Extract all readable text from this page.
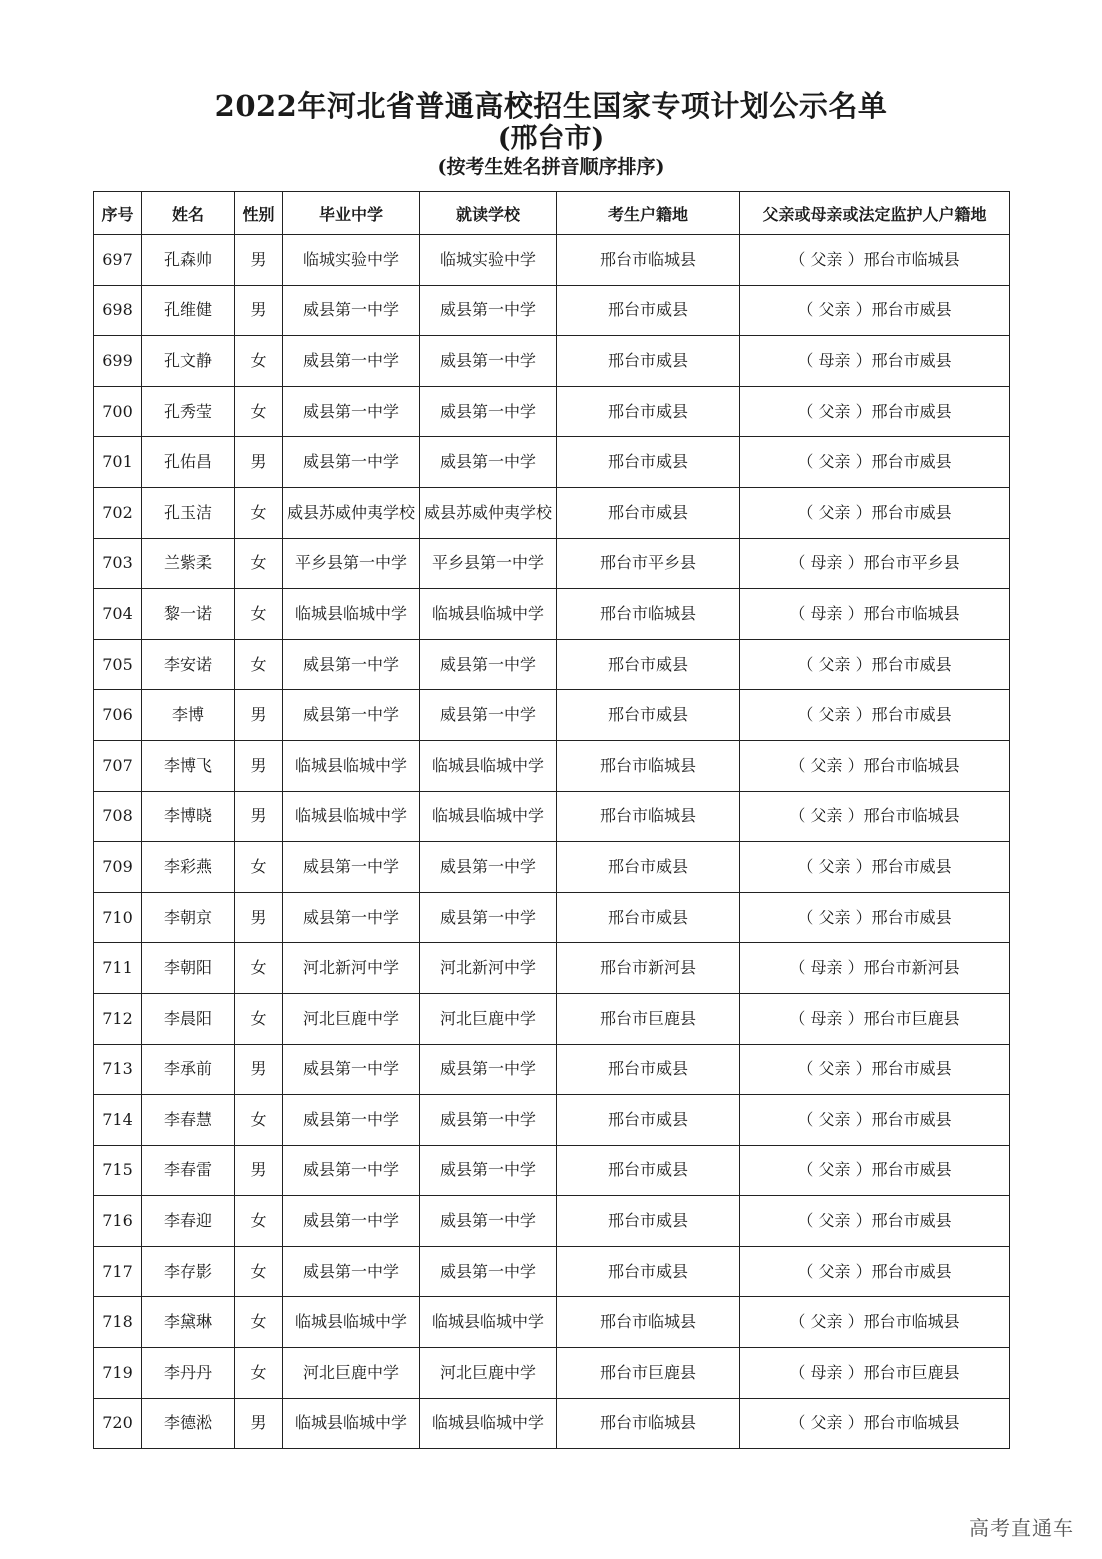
2022年河北省普通高校招生国家专项计划公示名单
(邢台市)
(按考生姓名拼音顺序排序)
序号	姓名	性别	毕业中学	就读学校	考生户籍地	父亲或母亲或法定监护人户籍地
697	孔森帅	男	临城实验中学	临城实验中学	邢台市临城县	（ 父亲 ）邢台市临城县
698	孔维健	男	威县第一中学	威县第一中学	邢台市威县	（ 父亲 ）邢台市威县
699	孔文静	女	威县第一中学	威县第一中学	邢台市威县	（ 母亲 ）邢台市威县
700	孔秀莹	女	威县第一中学	威县第一中学	邢台市威县	（ 父亲 ）邢台市威县
701	孔佑昌	男	威县第一中学	威县第一中学	邢台市威县	（ 父亲 ）邢台市威县
702	孔玉洁	女	威县苏威仲夷学校	威县苏威仲夷学校	邢台市威县	（ 父亲 ）邢台市威县
703	兰紫柔	女	平乡县第一中学	平乡县第一中学	邢台市平乡县	（ 母亲 ）邢台市平乡县
704	黎一诺	女	临城县临城中学	临城县临城中学	邢台市临城县	（ 母亲 ）邢台市临城县
705	李安诺	女	威县第一中学	威县第一中学	邢台市威县	（ 父亲 ）邢台市威县
706	李博	男	威县第一中学	威县第一中学	邢台市威县	（ 父亲 ）邢台市威县
707	李博飞	男	临城县临城中学	临城县临城中学	邢台市临城县	（ 父亲 ）邢台市临城县
708	李博晓	男	临城县临城中学	临城县临城中学	邢台市临城县	（ 父亲 ）邢台市临城县
709	李彩燕	女	威县第一中学	威县第一中学	邢台市威县	（ 父亲 ）邢台市威县
710	李朝京	男	威县第一中学	威县第一中学	邢台市威县	（ 父亲 ）邢台市威县
711	李朝阳	女	河北新河中学	河北新河中学	邢台市新河县	（ 母亲 ）邢台市新河县
712	李晨阳	女	河北巨鹿中学	河北巨鹿中学	邢台市巨鹿县	（ 母亲 ）邢台市巨鹿县
713	李承前	男	威县第一中学	威县第一中学	邢台市威县	（ 父亲 ）邢台市威县
714	李春慧	女	威县第一中学	威县第一中学	邢台市威县	（ 父亲 ）邢台市威县
715	李春雷	男	威县第一中学	威县第一中学	邢台市威县	（ 父亲 ）邢台市威县
716	李春迎	女	威县第一中学	威县第一中学	邢台市威县	（ 父亲 ）邢台市威县
717	李存影	女	威县第一中学	威县第一中学	邢台市威县	（ 父亲 ）邢台市威县
718	李黛琳	女	临城县临城中学	临城县临城中学	邢台市临城县	（ 父亲 ）邢台市临城县
719	李丹丹	女	河北巨鹿中学	河北巨鹿中学	邢台市巨鹿县	（ 母亲 ）邢台市巨鹿县
720	李德淞	男	临城县临城中学	临城县临城中学	邢台市临城县	（ 父亲 ）邢台市临城县
高考直通车
